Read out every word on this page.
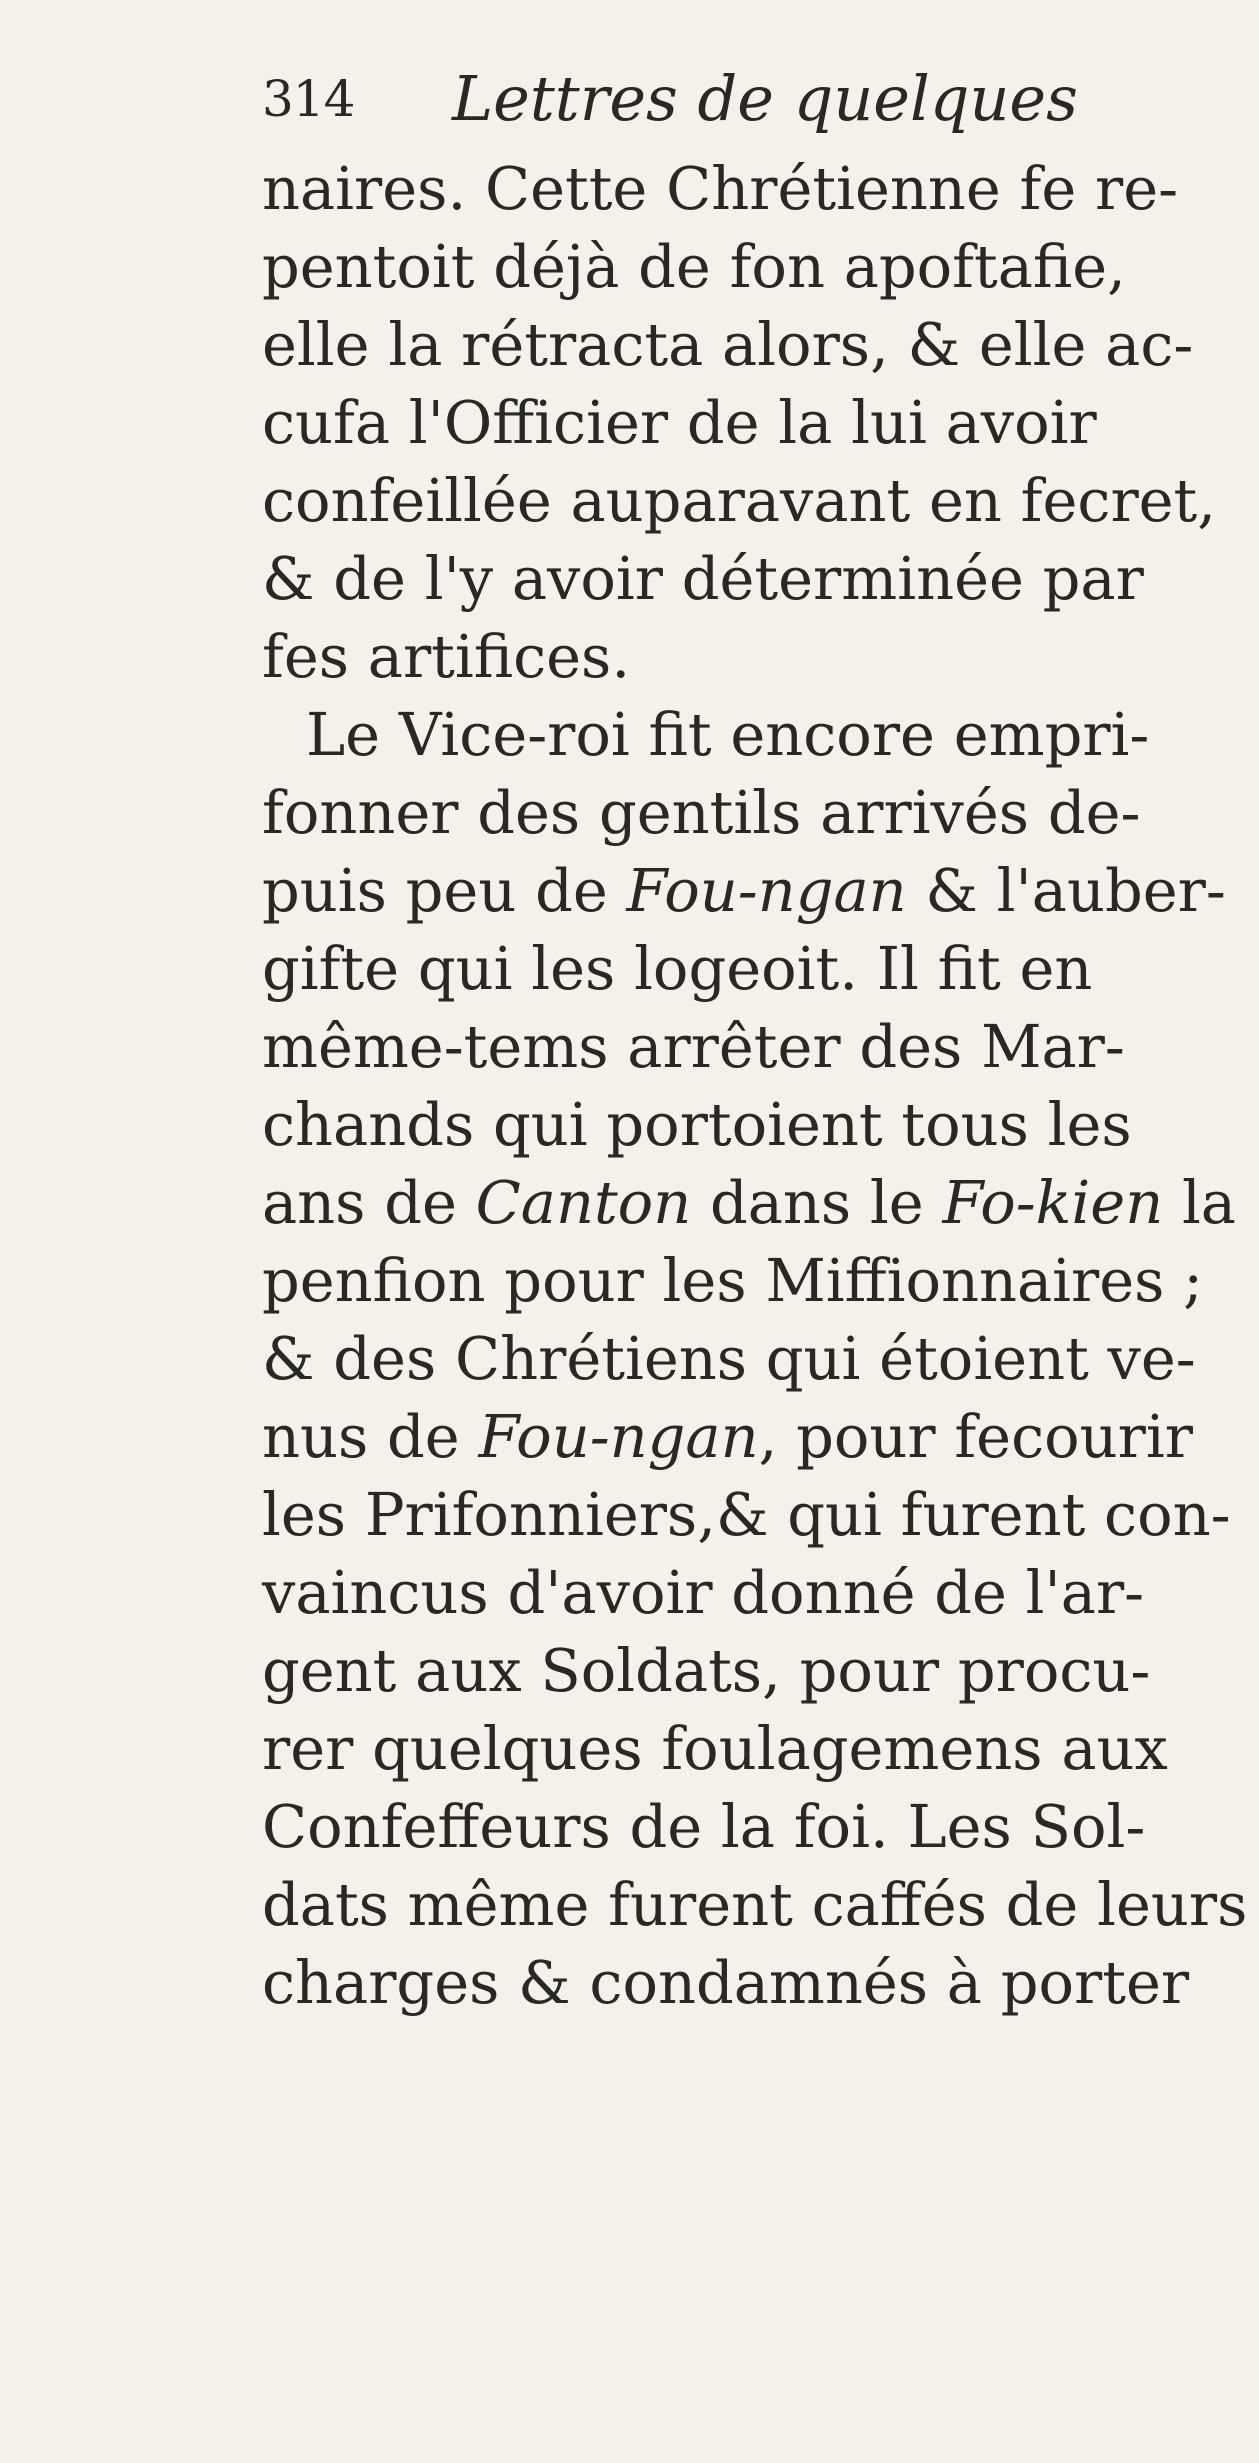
314 Lettres de quelques
naires. Cette Chrétienne fe re-
pentoit déjà de fon apoftafie,
elle la rétracta alors, & elle ac-
cufa l'Officier de la lui avoir
confeillée auparavant en fecret,
& de l'y avoir déterminée par
fes artifices.
Le Vice-roi fit encore empri-
fonner des gentils arrivés de-
puis peu de Fou-ngan & l'auber-
gifte qui les logeoit. Il fit en
même-tems arrêter des Mar-
chands qui portoient tous les
ans de Canton dans le Fo-kien la
penfion pour les Miffionnaires ;
& des Chrétiens qui étoient ve-
nus de Fou-ngan, pour fecourir
les Prifonniers,& qui furent con-
vaincus d'avoir donné de l'ar-
gent aux Soldats, pour procu-
rer quelques foulagemens aux
Confeffeurs de la foi. Les Sol-
dats même furent caffés de leurs
charges & condamnés à porter
